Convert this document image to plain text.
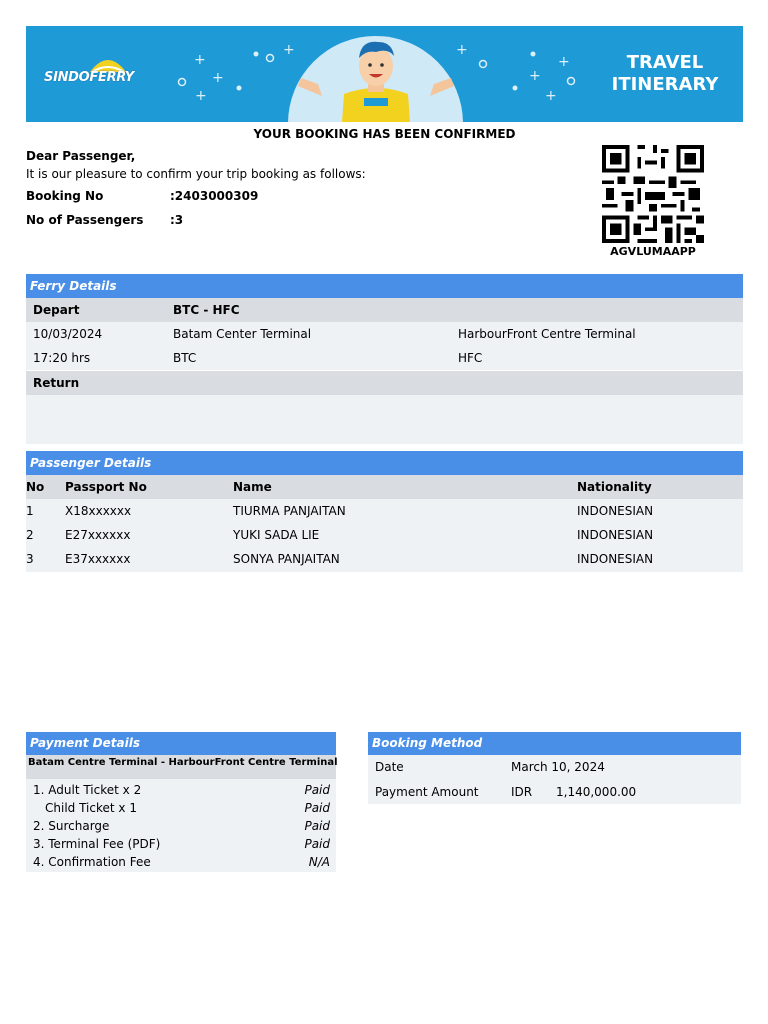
+
+
+
+	+
+
+
+
SINDOFERRY
TRAVEL
ITINERARY
YOUR BOOKING HAS BEEN CONFIRMED
Dear Passenger,
It is our pleasure to confirm your trip booking as follows:
Booking No	:2403000309
No of Passengers :3
AGVLUMAAPP
Ferry Details
Depart	BTC - HFC
10/03/2024	Batam Center Terminal	HarbourFront Centre Terminal
17:20 hrs	BTC	HFC
Return
Passenger Details
No Passport No	Name	Nationality
1	X18xxxxxx	TIURMA PANJAITAN	INDONESIAN
2	E27xxxxxx	YUKI SADA LIE	INDONESIAN
3	E37xxxxxx	SONYA PANJAITAN	INDONESIAN
Payment Details
Batam Centre Terminal - HarbourFront Centre Terminal
1. Adult Ticket x 2	Paid
Child Ticket x 1	Paid
2. Surcharge	Paid
3. Terminal Fee (PDF)	Paid
4. Confirmation Fee	N/A
Booking Method
Date	March 10, 2024
Payment Amount	IDR 1,140,000.00
